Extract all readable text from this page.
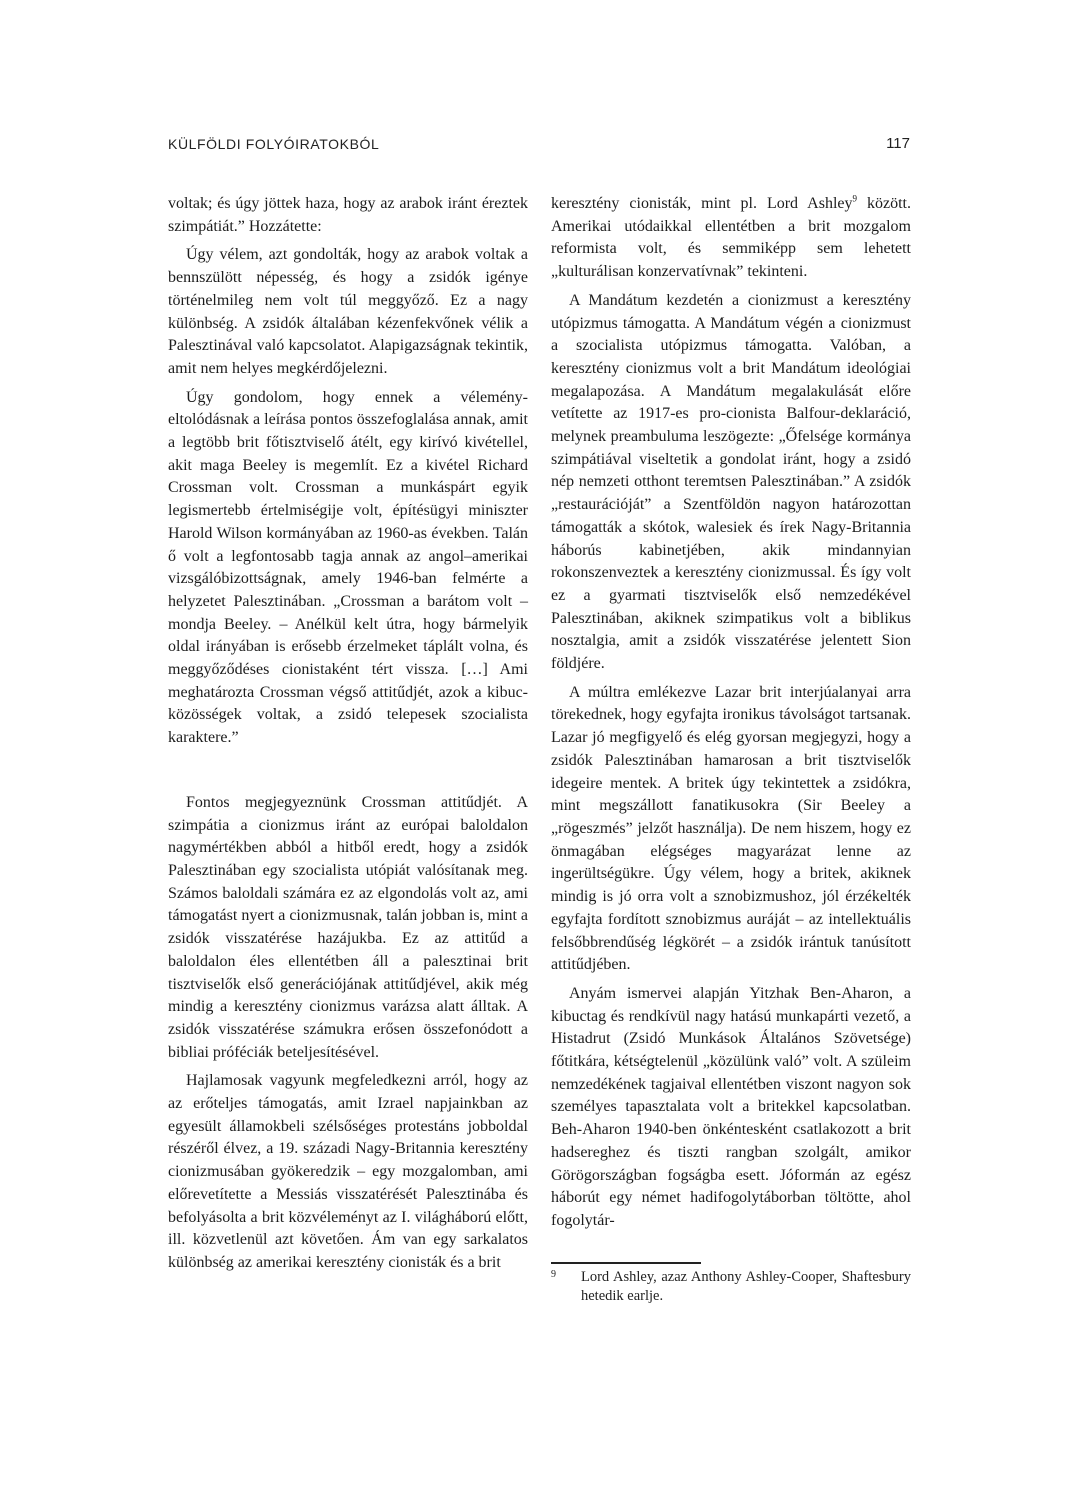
KÜLFÖLDI FOLYÓIRATOKBÓL	117

voltak; és úgy jöttek haza, hogy az arabok iránt éreztek szimpátiát.” Hozzátette:

Úgy vélem, azt gondolták, hogy az arabok voltak a bennszülött népesség, és hogy a zsidók igénye történelmileg nem volt túl meggyőző. Ez a nagy különbség. A zsidók általában kézenfekvőnek vélik a Palesztinával való kapcsolatot. Alapigazságnak tekintik, amit nem helyes megkérdőjelezni.

Úgy gondolom, hogy ennek a vélemény-eltolódásnak a leírása pontos összefoglalása annak, amit a legtöbb brit főtisztviselő átélt, egy kirívó kivétellel, akit maga Beeley is megemlít. Ez a kivétel Richard Crossman volt. Crossman a munkáspárt egyik legismertebb értelmiségije volt, építésügyi miniszter Harold Wilson kormányában az 1960-as években. Talán ő volt a legfontosabb tagja annak az angol–amerikai vizsgálóbizottságnak, amely 1946-ban felmérte a helyzetet Palesztinában. „Crossman a barátom volt – mondja Beeley. – Anélkül kelt útra, hogy bármelyik oldal irányában is erősebb érzelmeket táplált volna, és meggyőződéses cionistaként tért vissza. […] Ami meghatározta Crossman végső attitűdjét, azok a kibuc-közösségek voltak, a zsidó telepesek szocialista karaktere.”

Fontos megjegyeznünk Crossman attitűdjét. A szimpátia a cionizmus iránt az európai baloldalon nagymértékben abból a hitből eredt, hogy a zsidók Palesztinában egy szocialista utópiát valósítanak meg. Számos baloldali számára ez az elgondolás volt az, ami támogatást nyert a cionizmusnak, talán jobban is, mint a zsidók visszatérése hazájukba. Ez az attitűd a baloldalon éles ellentétben áll a palesztinai brit tisztviselők első generációjának attitűdjével, akik még mindig a keresztény cionizmus varázsa alatt álltak. A zsidók visszatérése számukra erősen összefonódott a bibliai próféciák beteljesítésével.

Hajlamosak vagyunk megfeledkezni arról, hogy az az erőteljes támogatás, amit Izrael napjainkban az egyesült államokbeli szélsőséges protestáns jobboldal részéről élvez, a 19. századi Nagy-Britannia keresztény cionizmusában gyökeredzik – egy mozgalomban, ami előrevetítette a Messiás visszatérését Palesztinába és befolyásolta a brit közvéleményt az I. világháború előtt, ill. közvetlenül azt követően. Ám van egy sarkalatos különbség az amerikai keresztény cionisták és a brit

keresztény cionisták, mint pl. Lord Ashley$^9$ között. Amerikai utódaikkal ellentétben a brit mozgalom reformista volt, és semmiképp sem lehetett „kulturálisan konzervatívnak” tekinteni.

A Mandátum kezdetén a cionizmust a keresztény utópizmus támogatta. A Mandátum végén a cionizmust a szocialista utópizmus támogatta. Valóban, a keresztény cionizmus volt a brit Mandátum ideológiai megalapozása. A Mandátum megalakulását előre vetítette az 1917-es pro-cionista Balfour-deklaráció, melynek preambuluma leszögezte: „Őfelsége kormánya szimpátiával viseltetik a gondolat iránt, hogy a zsidó nép nemzeti otthont teremtsen Palesztinában.” A zsidók „restaurációját” a Szentföldön nagyon határozottan támogatták a skótok, walesiek és írek Nagy-Britannia háborús kabinetjében, akik mindannyian rokonszenveztek a keresztény cionizmussal. És így volt ez a gyarmati tisztviselők első nemzedékével Palesztinában, akiknek szimpatikus volt a biblikus nosztalgia, amit a zsidók visszatérése jelentett Sion földjére.

A múltra emlékezve Lazar brit interjúalanyai arra törekednek, hogy egyfajta ironikus távolságot tartsanak. Lazar jó megfigyelő és elég gyorsan megjegyzi, hogy a zsidók Palesztinában hamarosan a brit tisztviselők idegeire mentek. A britek úgy tekintettek a zsidókra, mint megszállott fanatikusokra (Sir Beeley a „rögeszmés” jelzőt használja). De nem hiszem, hogy ez önmagában elégséges magyarázat lenne az ingerültségükre. Úgy vélem, hogy a britek, akiknek mindig is jó orra volt a sznobizmushoz, jól érzékelték egyfajta fordított sznobizmus auráját – az intellektuális felsőbbrendűség légkörét – a zsidók irántuk tanúsított attitűdjében.

Anyám ismervei alapján Yitzhak Ben-Aharon, a kibuctag és rendkívül nagy hatású munkapárti vezető, a Histadrut (Zsidó Munkások Általános Szövetsége) főtitkára, kétségtelenül „közülünk való” volt. A szüleim nemzedékének tagjaival ellentétben viszont nagyon sok személyes tapasztalata volt a britekkel kapcsolatban. Beh-Aharon 1940-ben önkéntesként csatlakozott a brit hadsereghez és tiszti rangban szolgált, amikor Görögországban fogságba esett. Jóformán az egész háborút egy német hadifogolytáborban töltötte, ahol fogolytár-

9 Lord Ashley, azaz Anthony Ashley-Cooper, Shaftesbury hetedik earlje.
